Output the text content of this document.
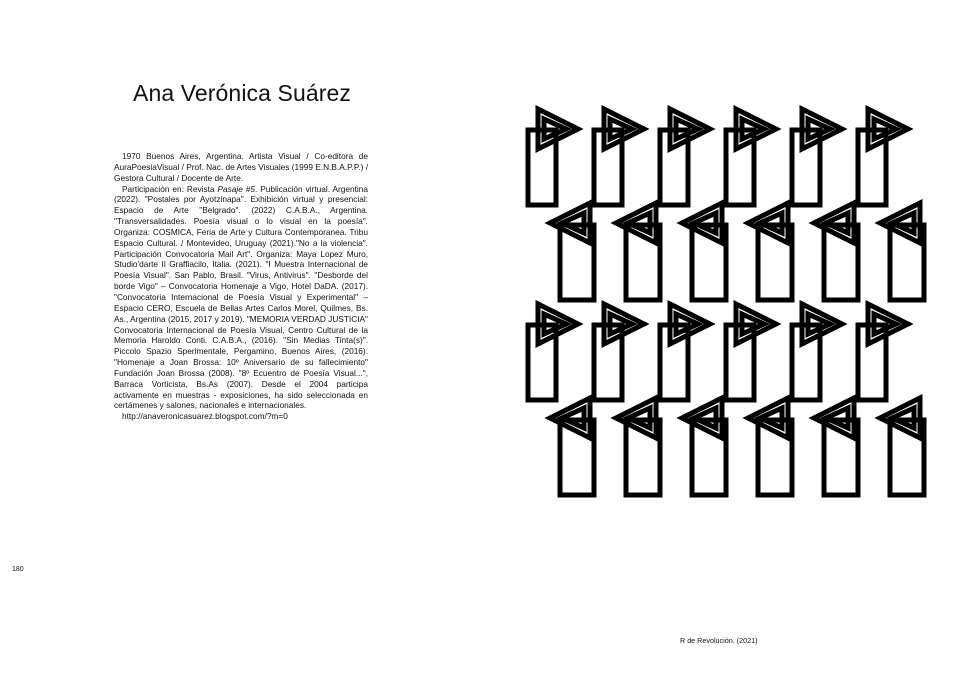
Ana Verónica Suárez

1970 Buenos Aires, Argentina. Artista Visual / Co-editora de AuraPoesiaVisual / Prof. Nac. de Artes Visuales (1999 E.N.B.A.P.P.) / Gestora Cultural / Docente de Arte.

Participación en: Revista Pasaje #5. Publicación virtual. Argentina (2022). "Postales por Ayotzinapa". Exhibición virtual y presencial: Espacio de Arte "Belgrado". (2022) C.A.B.A., Argentina. "Transversalidades. Poesía visual o lo visual en la poesía". Organiza: COSMICA, Feria de Arte y Cultura Contemporanea. Tribu Espacio Cultural. / Montevideo, Uruguay (2021)."No a la violencia". Participación Convocatoria Mail Art". Organiza: Maya Lopez Muro, Studio'darte Il Graffiacilo, Italia. (2021). "I Muestra Internacional de Poesía Visual". San Pablo, Brasil. "Virus, Antivirus". "Desborde del borde Vigo" – Convocatoria Homenaje a Vigo, Hotel DaDA. (2017). "Convocatoria Internacional de Poesía Visual y Experimental" – Espacio CERO, Escuela de Bellas Artes Carlos Morel, Quilmes, Bs. As., Argentina (2015, 2017 y 2019). "MEMORIA VERDAD JUSTICIA" Convocatoria Internacional de Poesía Visual, Centro Cultural de la Memoria Haroldo Conti. C.A.B.A., (2016). "Sin Medias Tinta(s)". Piccolo Spazio Sperimentale, Pergamino, Buenos Aires, (2016). "Homenaje a Joan Brossa: 10º Aniversario de su fallecimiento" Fundación Joan Brossa (2008). "8º Ecuentro de Poesía Visual...", Barraca Vorticista, Bs.As (2007). Desde el 2004 participa activamente en muestras - exposiciones, ha sido seleccionada en certámenes y salones, nacionales e internacionales.

http://anaveronicasuarez.blogspot.com/?m=0

180
R de Revolución. (2021)
